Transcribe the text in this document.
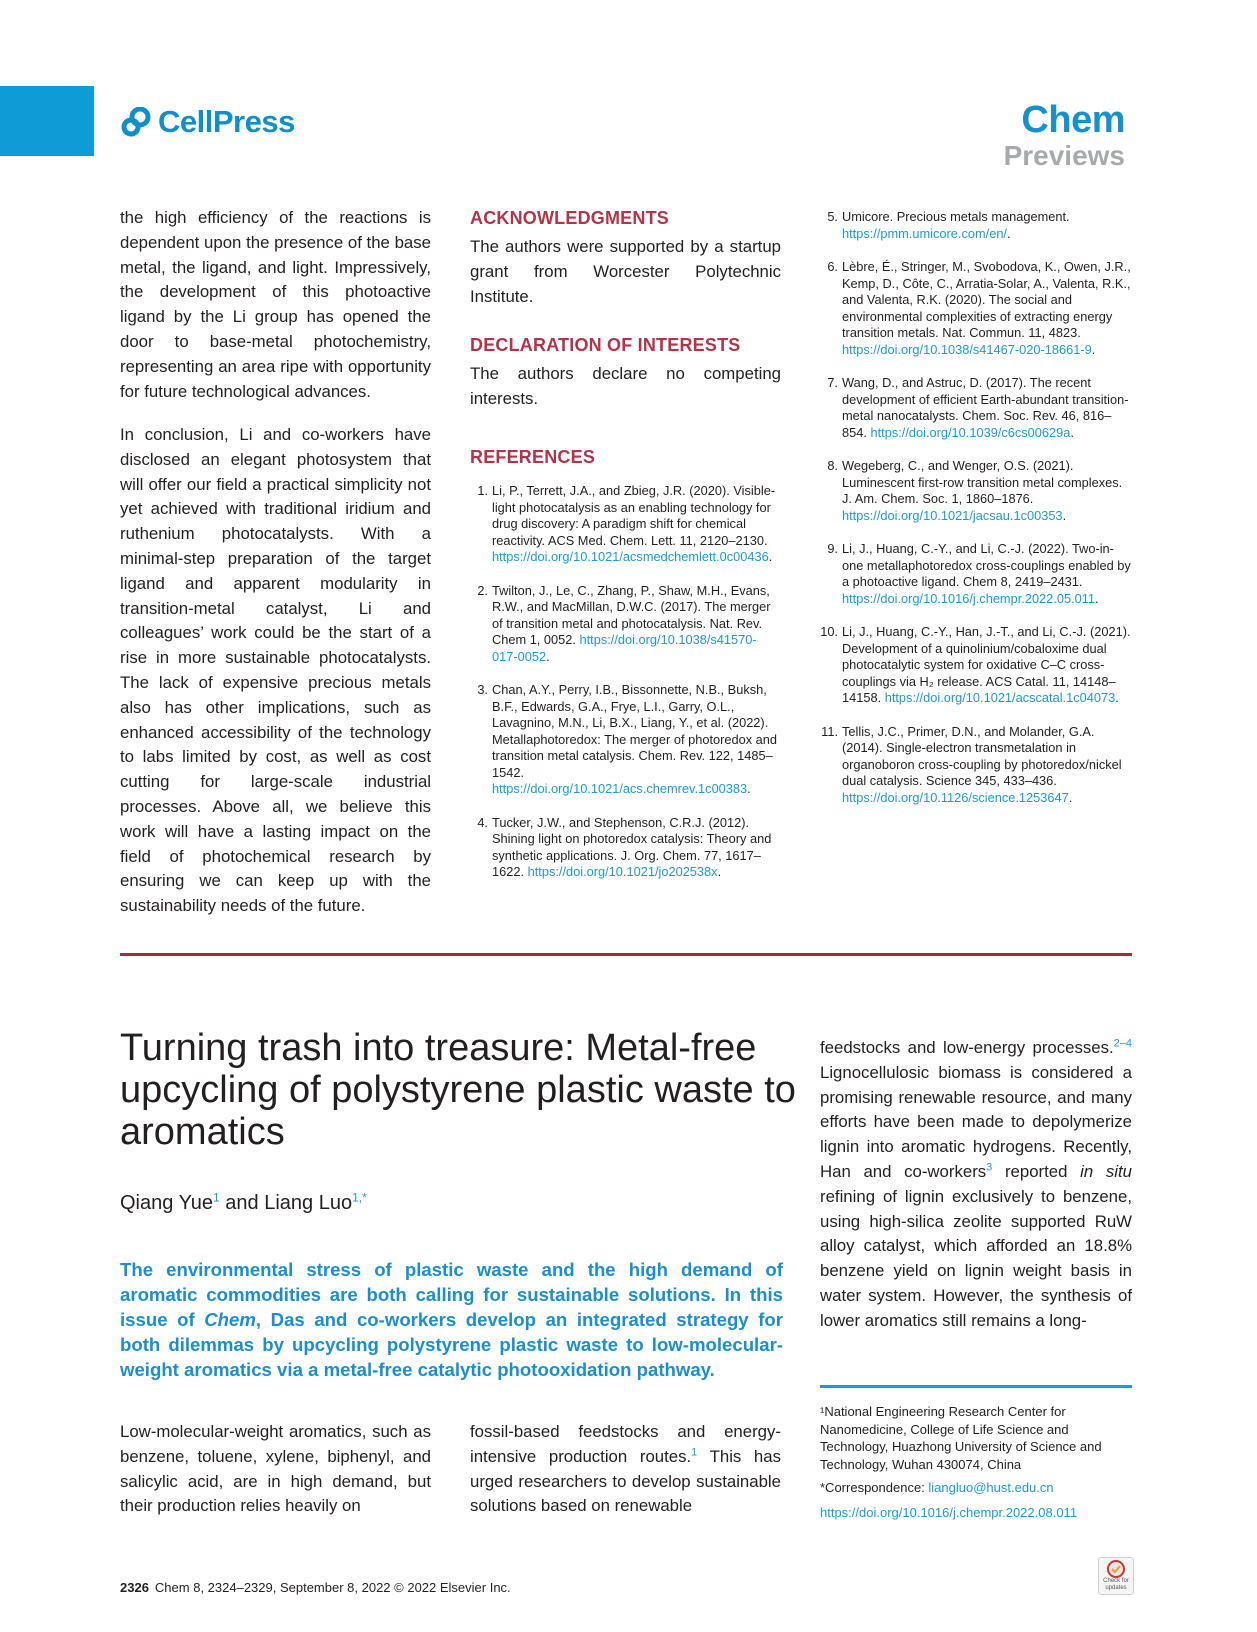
CellPress	Chem
Previews
the high efficiency of the reactions is dependent upon the presence of the base metal, the ligand, and light. Impressively, the development of this photoactive ligand by the Li group has opened the door to base-metal photochemistry, representing an area ripe with opportunity for future technological advances.
In conclusion, Li and co-workers have disclosed an elegant photosystem that will offer our field a practical simplicity not yet achieved with traditional iridium and ruthenium photocatalysts. With a minimal-step preparation of the target ligand and apparent modularity in transition-metal catalyst, Li and colleagues’ work could be the start of a rise in more sustainable photocatalysts. The lack of expensive precious metals also has other implications, such as enhanced accessibility of the technology to labs limited by cost, as well as cost cutting for large-scale industrial processes. Above all, we believe this work will have a lasting impact on the field of photochemical research by ensuring we can keep up with the sustainability needs of the future.
ACKNOWLEDGMENTS
The authors were supported by a startup grant from Worcester Polytechnic Institute.
DECLARATION OF INTERESTS
The authors declare no competing interests.
REFERENCES
1. Li, P., Terrett, J.A., and Zbieg, J.R. (2020). Visible-light photocatalysis as an enabling technology for drug discovery: A paradigm shift for chemical reactivity. ACS Med. Chem. Lett. 11, 2120–2130. https://doi.org/10.1021/acsmedchemlett.0c00436.
2. Twilton, J., Le, C., Zhang, P., Shaw, M.H., Evans, R.W., and MacMillan, D.W.C. (2017). The merger of transition metal and photocatalysis. Nat. Rev. Chem 1, 0052. https://doi.org/10.1038/s41570-017-0052.
3. Chan, A.Y., Perry, I.B., Bissonnette, N.B., Buksh, B.F., Edwards, G.A., Frye, L.I., Garry, O.L., Lavagnino, M.N., Li, B.X., Liang, Y., et al. (2022). Metallaphotoredox: The merger of photoredox and transition metal catalysis. Chem. Rev. 122, 1485–1542. https://doi.org/10.1021/acs.chemrev.1c00383.
4. Tucker, J.W., and Stephenson, C.R.J. (2012). Shining light on photoredox catalysis: Theory and synthetic applications. J. Org. Chem. 77, 1617–1622. https://doi.org/10.1021/jo202538x.
5. Umicore. Precious metals management. https://pmm.umicore.com/en/.
6. Lèbre, É., Stringer, M., Svobodova, K., Owen, J.R., Kemp, D., Côte, C., Arratia-Solar, A., Valenta, R.K., and Valenta, R.K. (2020). The social and environmental complexities of extracting energy transition metals. Nat. Commun. 11, 4823. https://doi.org/10.1038/s41467-020-18661-9.
7. Wang, D., and Astruc, D. (2017). The recent development of efficient Earth-abundant transition-metal nanocatalysts. Chem. Soc. Rev. 46, 816–854. https://doi.org/10.1039/c6cs00629a.
8. Wegeberg, C., and Wenger, O.S. (2021). Luminescent first-row transition metal complexes. J. Am. Chem. Soc. 1, 1860–1876. https://doi.org/10.1021/jacsau.1c00353.
9. Li, J., Huang, C.-Y., and Li, C.-J. (2022). Two-in-one metallaphotoredox cross-couplings enabled by a photoactive ligand. Chem 8, 2419–2431. https://doi.org/10.1016/j.chempr.2022.05.011.
10. Li, J., Huang, C.-Y., Han, J.-T., and Li, C.-J. (2021). Development of a quinolinium/cobaloxime dual photocatalytic system for oxidative C–C cross-couplings via H₂ release. ACS Catal. 11, 14148–14158. https://doi.org/10.1021/acscatal.1c04073.
11. Tellis, J.C., Primer, D.N., and Molander, G.A. (2014). Single-electron transmetalation in organoboron cross-coupling by photoredox/nickel dual catalysis. Science 345, 433–436. https://doi.org/10.1126/science.1253647.
Turning trash into treasure: Metal-free upcycling of polystyrene plastic waste to aromatics
Qiang Yue$^1$ and Liang Luo$^{1,*}$
The environmental stress of plastic waste and the high demand of aromatic commodities are both calling for sustainable solutions. In this issue of Chem, Das and co-workers develop an integrated strategy for both dilemmas by upcycling polystyrene plastic waste to low-molecular-weight aromatics via a metal-free catalytic photooxidation pathway.
Low-molecular-weight aromatics, such as benzene, toluene, xylene, biphenyl, and salicylic acid, are in high demand, but their production relies heavily on
fossil-based feedstocks and energy-intensive production routes.$^1$ This has urged researchers to develop sustainable solutions based on renewable
feedstocks and low-energy processes.$^{2-4}$ Lignocellulosic biomass is considered a promising renewable resource, and many efforts have been made to depolymerize lignin into aromatic hydrogens. Recently, Han and co-workers$^3$ reported in situ refining of lignin exclusively to benzene, using high-silica zeolite supported RuW alloy catalyst, which afforded an 18.8% benzene yield on lignin weight basis in water system. However, the synthesis of lower aromatics still remains a long-
¹National Engineering Research Center for Nanomedicine, College of Life Science and Technology, Huazhong University of Science and Technology, Wuhan 430074, China
*Correspondence: liangluo@hust.edu.cn
https://doi.org/10.1016/j.chempr.2022.08.011
2326 Chem 8, 2324–2329, September 8, 2022 © 2022 Elsevier Inc.	Check for updates
